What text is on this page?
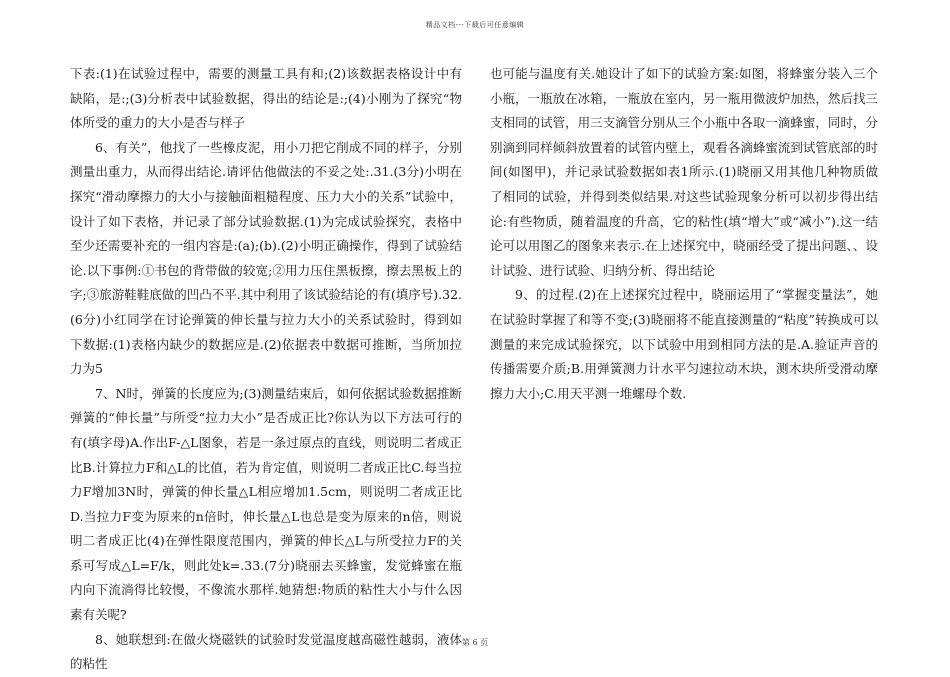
精品文档---下载后可任意编辑

下表:(1)在试验过程中，需要的测量工具有和;(2)该数据表格设计中有缺陷，是:;(3)分析表中试验数据，得出的结论是:;(4)小刚为了探究“物体所受的重力的大小是否与样子

6、有关”，他找了一些橡皮泥，用小刀把它削成不同的样子，分别测量出重力，从而得出结论.请评估他做法的不妥之处:.31.(3分)小明在探究“滑动摩擦力的大小与接触面粗糙程度、压力大小的关系”试验中，设计了如下表格，并记录了部分试验数据.(1)为完成试验探究，表格中至少还需要补充的一组内容是:(a);(b).(2)小明正确操作，得到了试验结论.以下事例:①书包的背带做的较宽;②用力压住黑板擦，擦去黑板上的字;③旅游鞋鞋底做的凹凸不平.其中利用了该试验结论的有(填序号).32.(6分)小红同学在讨论弹簧的伸长量与拉力大小的关系试验时，得到如下数据:(1)表格内缺少的数据应是.(2)依据表中数据可推断，当所加拉力为5

7、N时，弹簧的长度应为;(3)测量结束后，如何依据试验数据推断弹簧的“伸长量”与所受“拉力大小”是否成正比?你认为以下方法可行的有(填字母)A.作出F-△L图象，若是一条过原点的直线，则说明二者成正比B.计算拉力F和△L的比值，若为肯定值，则说明二者成正比C.每当拉力F增加3N时，弹簧的伸长量△L相应增加1.5cm，则说明二者成正比D.当拉力F变为原来的n倍时，伸长量△L也总是变为原来的n倍，则说明二者成正比(4)在弹性限度范围内，弹簧的伸长△L与所受拉力F的关系可写成△L=F/k，则此处k=.33.(7分)晓丽去买蜂蜜，发觉蜂蜜在瓶内向下流淌得比较慢，不像流水那样.她猜想:物质的粘性大小与什么因素有关呢?

8、她联想到:在做火烧磁铁的试验时发觉温度越高磁性越弱，液体的粘性

也可能与温度有关.她设计了如下的试验方案:如图，将蜂蜜分装入三个小瓶，一瓶放在冰箱，一瓶放在室内，另一瓶用微波炉加热，然后找三支相同的试管，用三支滴管分别从三个小瓶中各取一滴蜂蜜，同时，分别滴到同样倾斜放置着的试管内壁上，观看各滴蜂蜜流到试管底部的时间(如图甲)，并记录试验数据如表1所示.(1)晓丽又用其他几种物质做了相同的试验，并得到类似结果.对这些试验现象分析可以初步得出结论:有些物质，随着温度的升高，它的粘性(填“增大”或“减小”).这一结论可以用图乙的图象来表示.在上述探究中，晓丽经受了提出问题、、设计试验、进行试验、归纳分析、得出结论

9、的过程.(2)在上述探究过程中，晓丽运用了“掌握变量法”，她在试验时掌握了和等不变;(3)晓丽将不能直接测量的“粘度”转换成可以测量的来完成试验探究，以下试验中用到相同方法的是.A.验证声音的传播需要介质;B.用弹簧测力计水平匀速拉动木块，测木块所受滑动摩擦力大小;C.用天平测一堆螺母个数.

第 6 页
